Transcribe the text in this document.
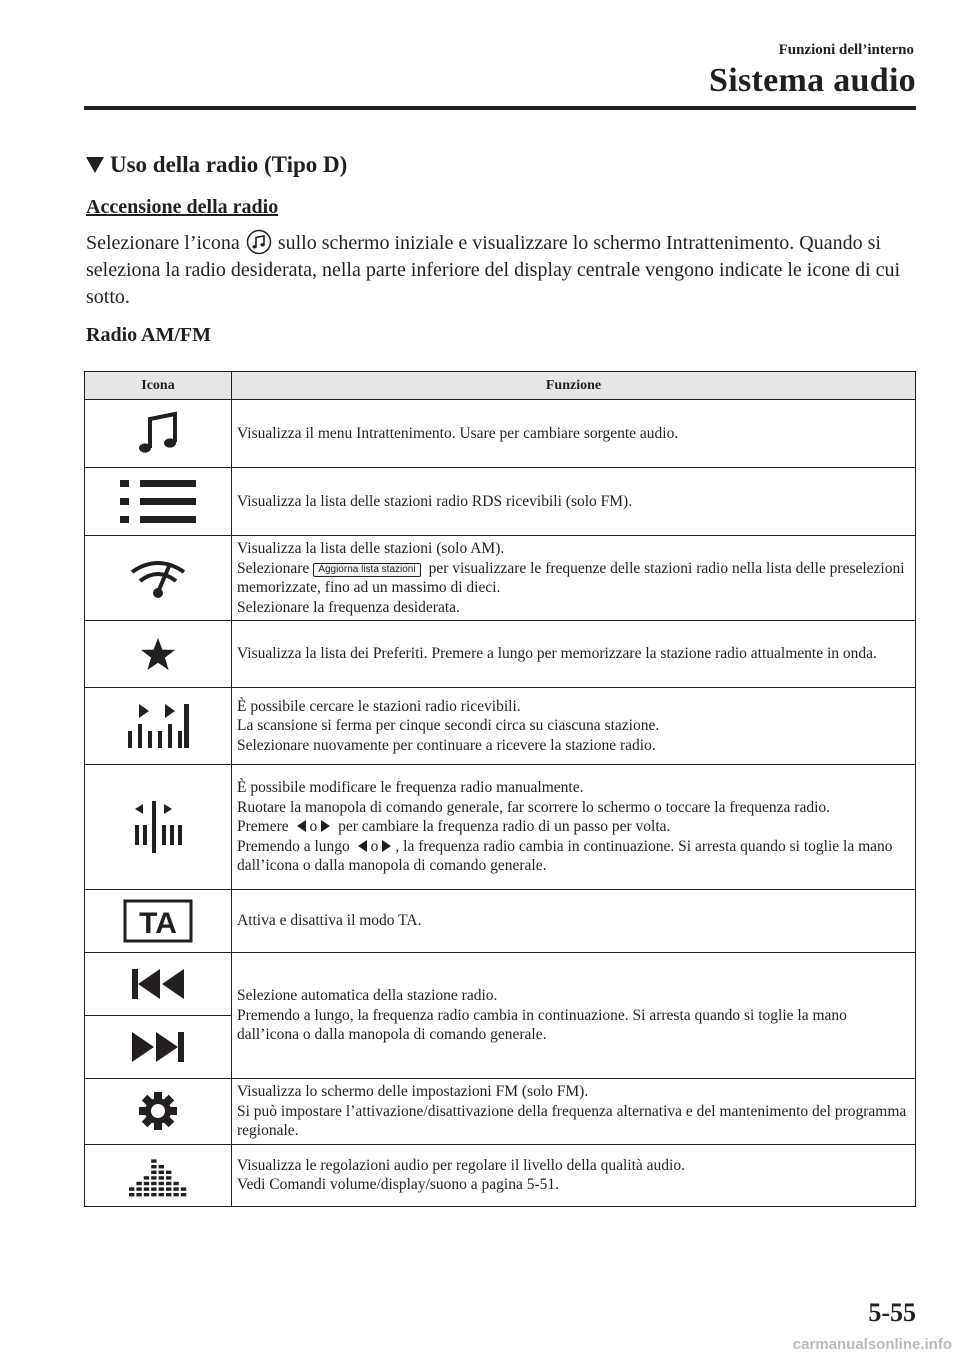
Funzioni dell’interno
Sistema audio
Uso della radio (Tipo D)
Accensione della radio
Selezionare l’icona sullo schermo iniziale e visualizzare lo schermo Intrattenimento. Quando si seleziona la radio desiderata, nella parte inferiore del display centrale vengono indicate le icone di cui sotto.
Radio AM/FM
Icona	Funzione

	Visualizza il menu Intrattenimento. Usare per cambiare sorgente audio.

	Visualizza la lista delle stazioni radio RDS ricevibili (solo FM).

Visualizza la lista delle stazioni (solo AM).
Selezionare Aggiorna lista stazioni per visualizzare le frequenze delle stazioni radio nella lista delle preselezioni memorizzate, fino ad un massimo di dieci.
Selezionare la frequenza desiderata.

	Visualizza la lista dei Preferiti. Premere a lungo per memorizzare la stazione radio attualmente in onda.

È possibile cercare le stazioni radio ricevibili.
La scansione si ferma per cinque secondi circa su ciascuna stazione.
Selezionare nuovamente per continuare a ricevere la stazione radio.

È possibile modificare le frequenza radio manualmente.
Ruotare la manopola di comando generale, far scorrere lo schermo o toccare la frequenza radio.
Premere o per cambiare la frequenza radio di un passo per volta.
Premendo a lungo o , la frequenza radio cambia in continuazione. Si arresta quando si toglie la mano dall’icona o dalla manopola di comando generale.

TA	Attiva e disattiva il modo TA.

Selezione automatica della stazione radio.
Premendo a lungo, la frequenza radio cambia in continuazione. Si arresta quando si toglie la mano dall’icona o dalla manopola di comando generale.

Visualizza lo schermo delle impostazioni FM (solo FM).
Si può impostare l’attivazione/disattivazione della frequenza alternativa e del mantenimento del programma regionale.

Visualizza le regolazioni audio per regolare il livello della qualità audio.
Vedi Comandi volume/display/suono a pagina 5-51.
5-55
carmanualsonline.info
